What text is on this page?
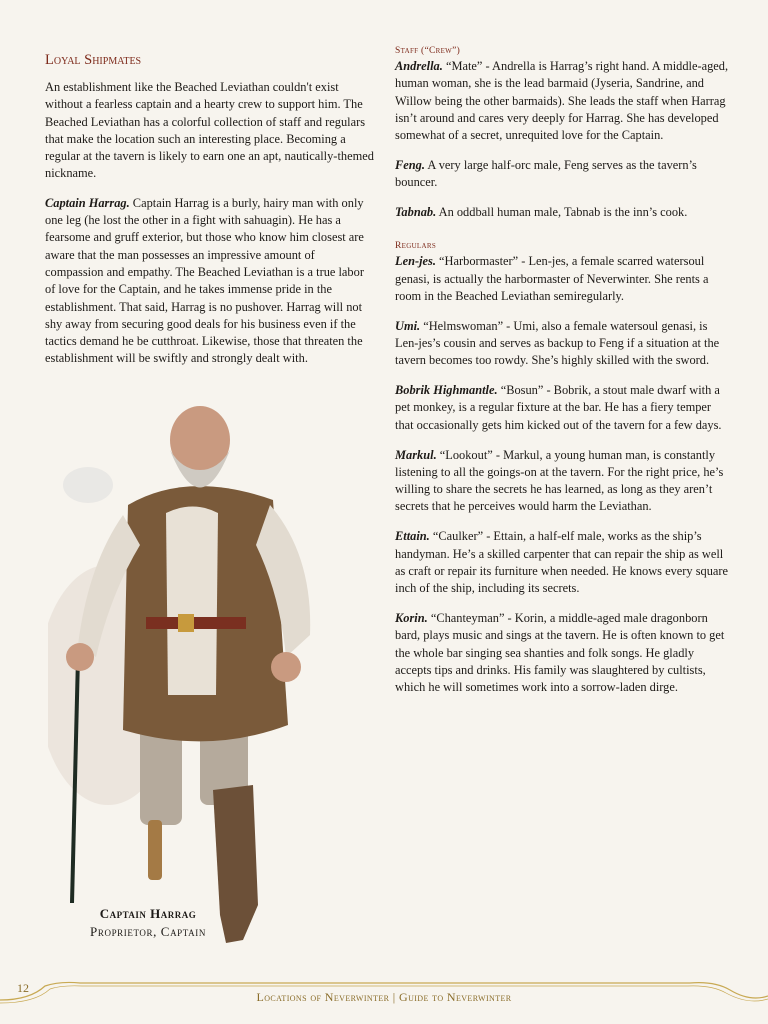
Loyal Shipmates

An establishment like the Beached Leviathan couldn't exist without a fearless captain and a hearty crew to support him. The Beached Leviathan has a colorful collection of staff and regulars that make the location such an interesting place. Becoming a regular at the tavern is likely to earn one an apt, nautically-themed nickname.

Captain Harrag. Captain Harrag is a burly, hairy man with only one leg (he lost the other in a fight with sahuagin). He has a fearsome and gruff exterior, but those who know him closest are aware that the man possesses an impressive amount of compassion and empathy. The Beached Leviathan is a true labor of love for the Captain, and he takes immense pride in the establishment. That said, Harrag is no pushover. Harrag will not shy away from securing good deals for his business even if the tactics demand he be cutthroat. Likewise, those that threaten the establishment will be swiftly and strongly dealt with.

Captain Harrag
Proprietor, Captain
Staff (“Crew”)

Andrella. “Mate” - Andrella is Harrag’s right hand. A middle-aged, human woman, she is the lead barmaid (Jyseria, Sandrine, and Willow being the other barmaids). She leads the staff when Harrag isn’t around and cares very deeply for Harrag. She has developed somewhat of a secret, unrequited love for the Captain.

Feng. A very large half-orc male, Feng serves as the tavern’s bouncer.

Tabnab. An oddball human male, Tabnab is the inn’s cook.

Regulars

Len-jes. “Harbormaster” - Len-jes, a female scarred watersoul genasi, is actually the harbormaster of Neverwinter. She rents a room in the Beached Leviathan semiregularly.

Umi. “Helmswoman” - Umi, also a female watersoul genasi, is Len-jes’s cousin and serves as backup to Feng if a situation at the tavern becomes too rowdy. She’s highly skilled with the sword.

Bobrik Highmantle. “Bosun” - Bobrik, a stout male dwarf with a pet monkey, is a regular fixture at the bar. He has a fiery temper that occasionally gets him kicked out of the tavern for a few days.

Markul. “Lookout” - Markul, a young human man, is constantly listening to all the goings-on at the tavern. For the right price, he’s willing to share the secrets he has learned, as long as they aren’t secrets that he perceives would harm the Leviathan.

Ettain. “Caulker” - Ettain, a half-elf male, works as the ship’s handyman. He’s a skilled carpenter that can repair the ship as well as craft or repair its furniture when needed. He knows every square inch of the ship, including its secrets.

Korin. “Chanteyman” - Korin, a middle-aged male dragonborn bard, plays music and sings at the tavern. He is often known to get the whole bar singing sea shanties and folk songs. He gladly accepts tips and drinks. His family was slaughtered by cultists, which he will sometimes work into a sorrow-laden dirge.

12
Locations of Neverwinter | Guide to Neverwinter
